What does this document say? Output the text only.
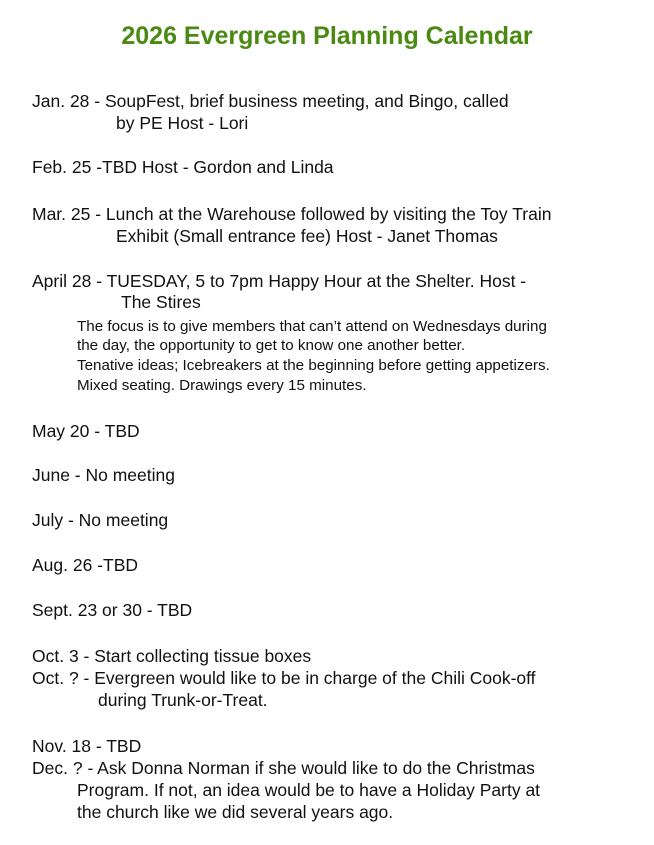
2026 Evergreen Planning Calendar
Jan. 28 - SoupFest, brief business meeting, and Bingo, called
by PE Host - Lori
Feb. 25 -TBD Host - Gordon and Linda
Mar. 25 - Lunch at the Warehouse followed by visiting the Toy Train
Exhibit (Small entrance fee) Host - Janet Thomas
April 28 - TUESDAY, 5 to 7pm Happy Hour at the Shelter. Host -
The Stires
The focus is to give members that can’t attend on Wednesdays during
the day, the opportunity to get to know one another better.
Tenative ideas; Icebreakers at the beginning before getting appetizers.
Mixed seating. Drawings every 15 minutes.
May 20 - TBD
June - No meeting
July - No meeting
Aug. 26 -TBD
Sept. 23 or 30 - TBD
Oct. 3 - Start collecting tissue boxes
Oct. ? - Evergreen would like to be in charge of the Chili Cook-off
during Trunk-or-Treat.
Nov. 18 - TBD
Dec. ? - Ask Donna Norman if she would like to do the Christmas
Program. If not, an idea would be to have a Holiday Party at
the church like we did several years ago.
